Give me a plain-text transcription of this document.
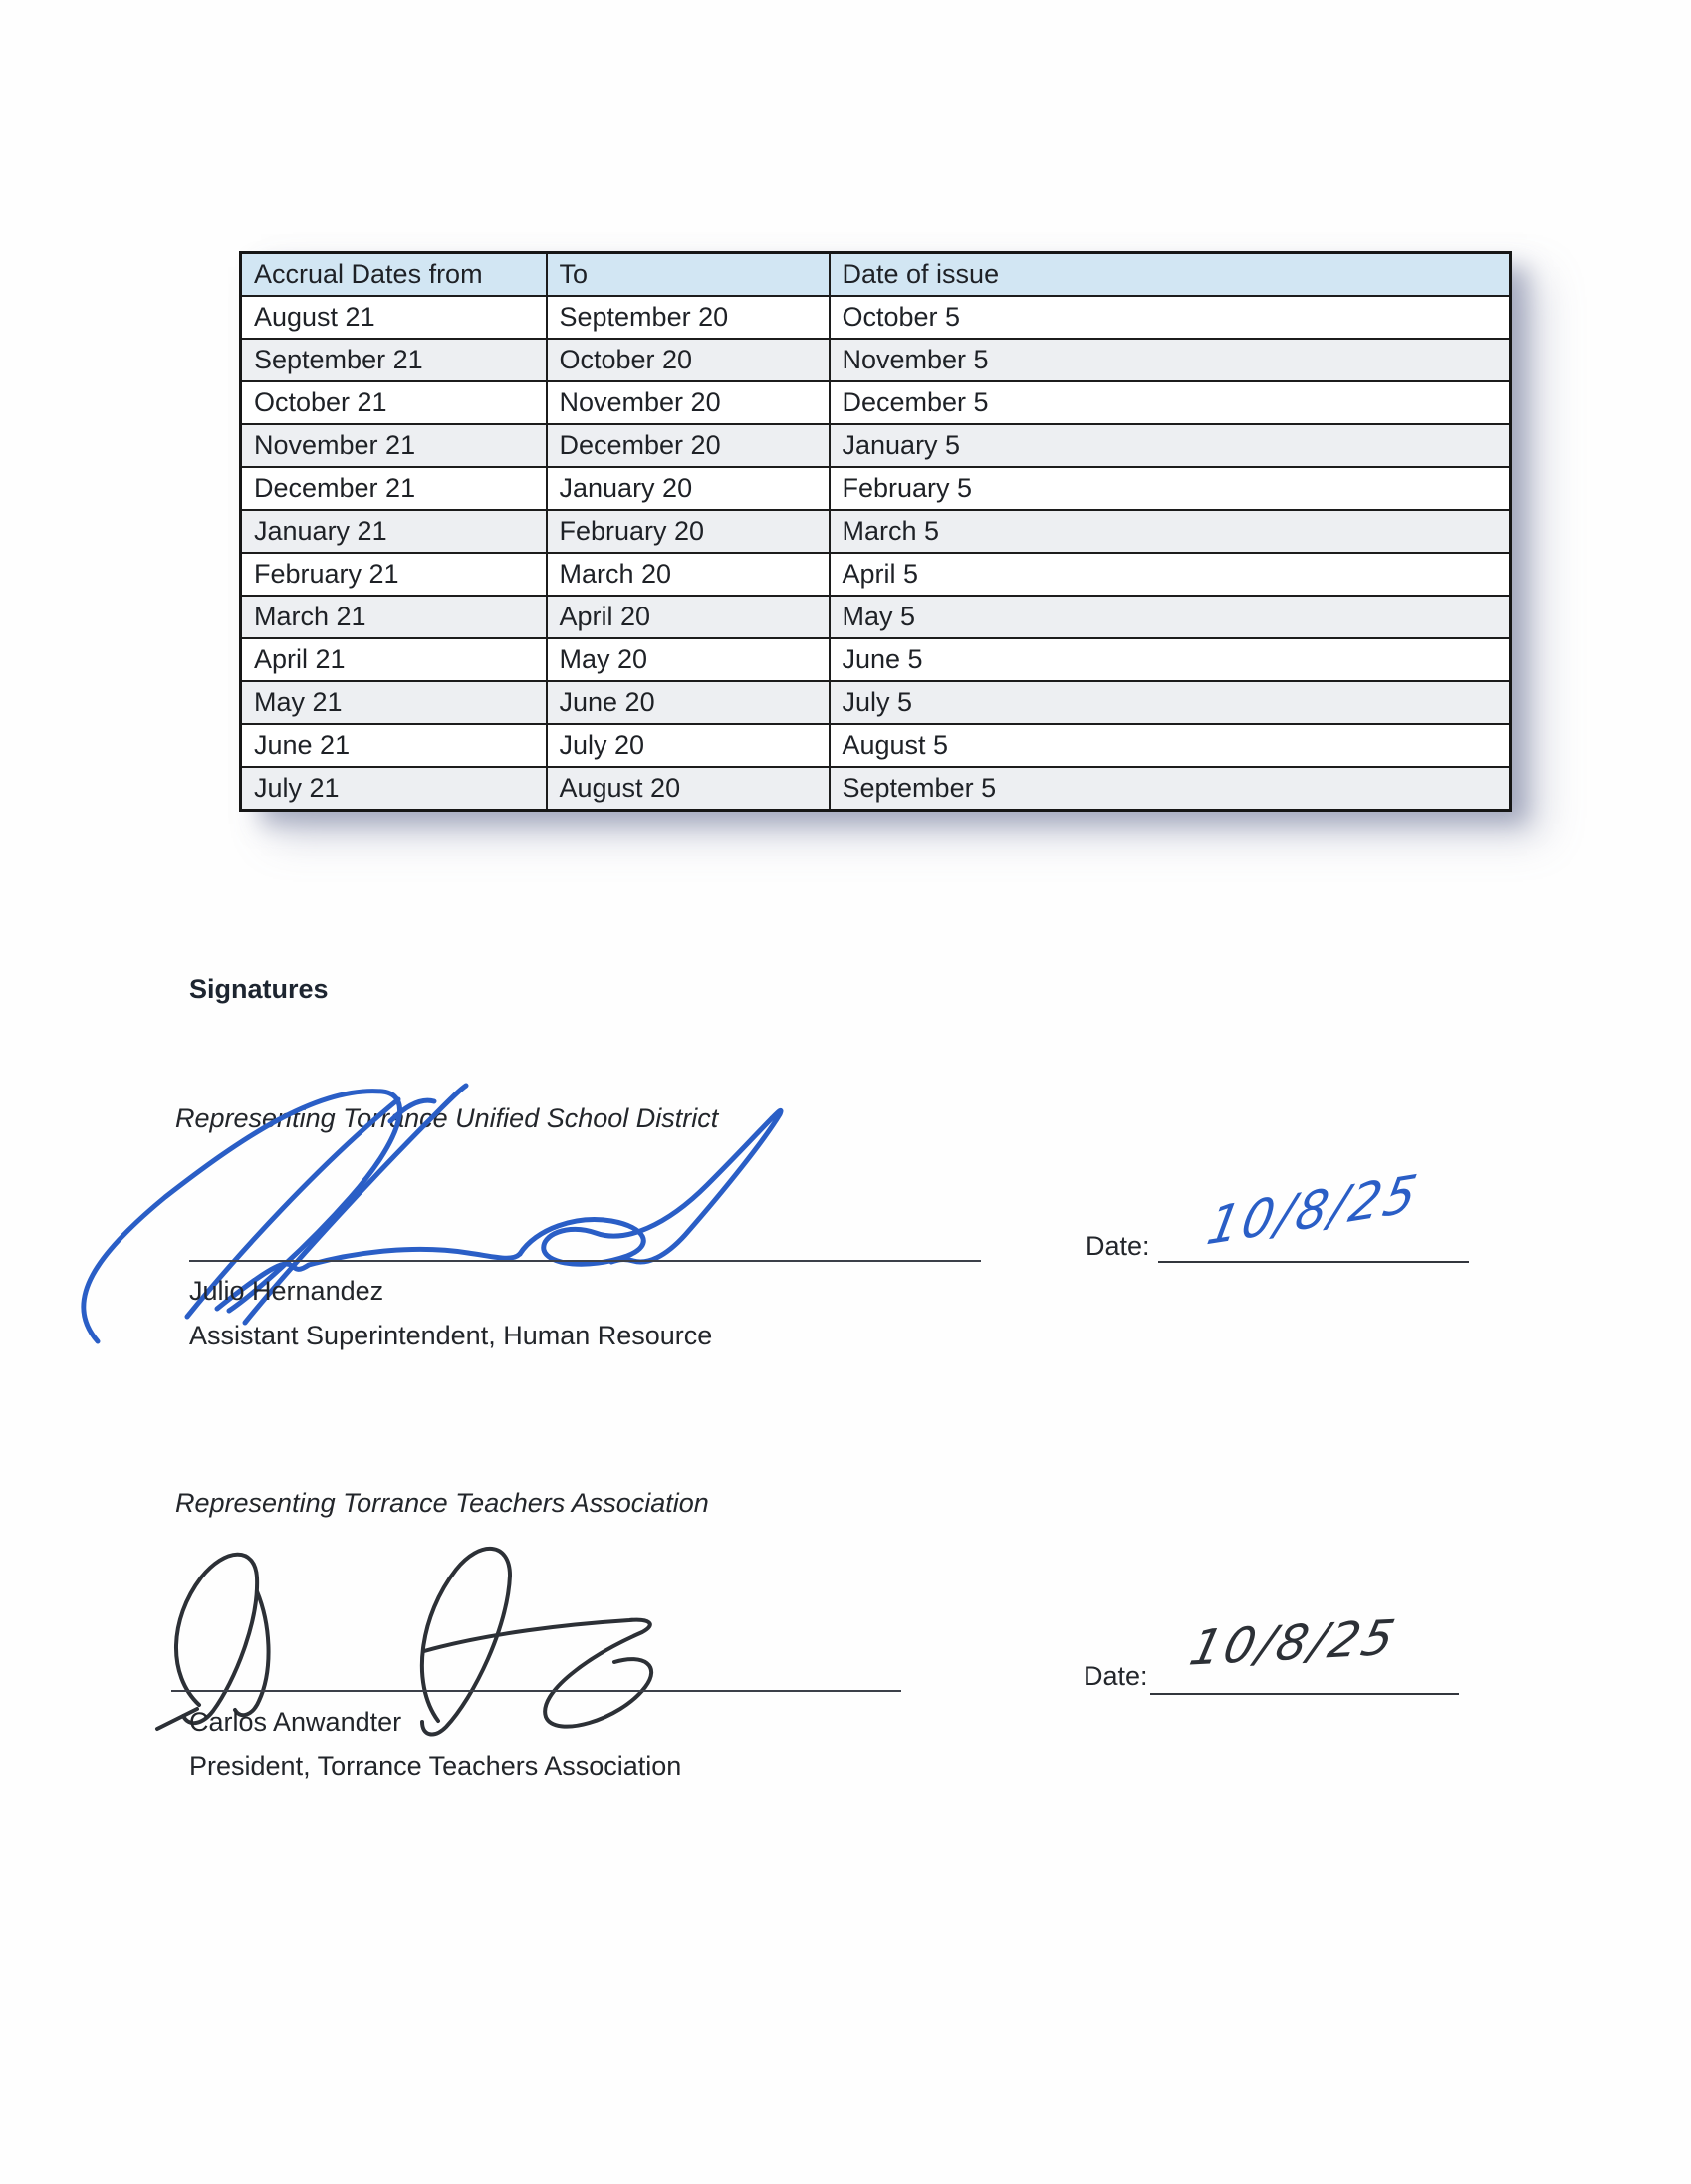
Accrual Dates from	To	Date of issue
August 21	September 20	October 5
September 21	October 20	November 5
October 21	November 20	December 5
November 21	December 20	January 5
December 21	January 20	February 5
January 21	February 20	March 5
February 21	March 20	April 5
March 21	April 20	May 5
April 21	May 20	June 5
May 21	June 20	July 5
June 21	July 20	August 5
July 21	August 20	September 5
Signatures
Representing Torrance Unified School District
Date: 10/8/25
Julio Hernandez
Assistant Superintendent, Human Resource
Representing Torrance Teachers Association
Date: 10/8/25
Carlos Anwandter
President, Torrance Teachers Association
